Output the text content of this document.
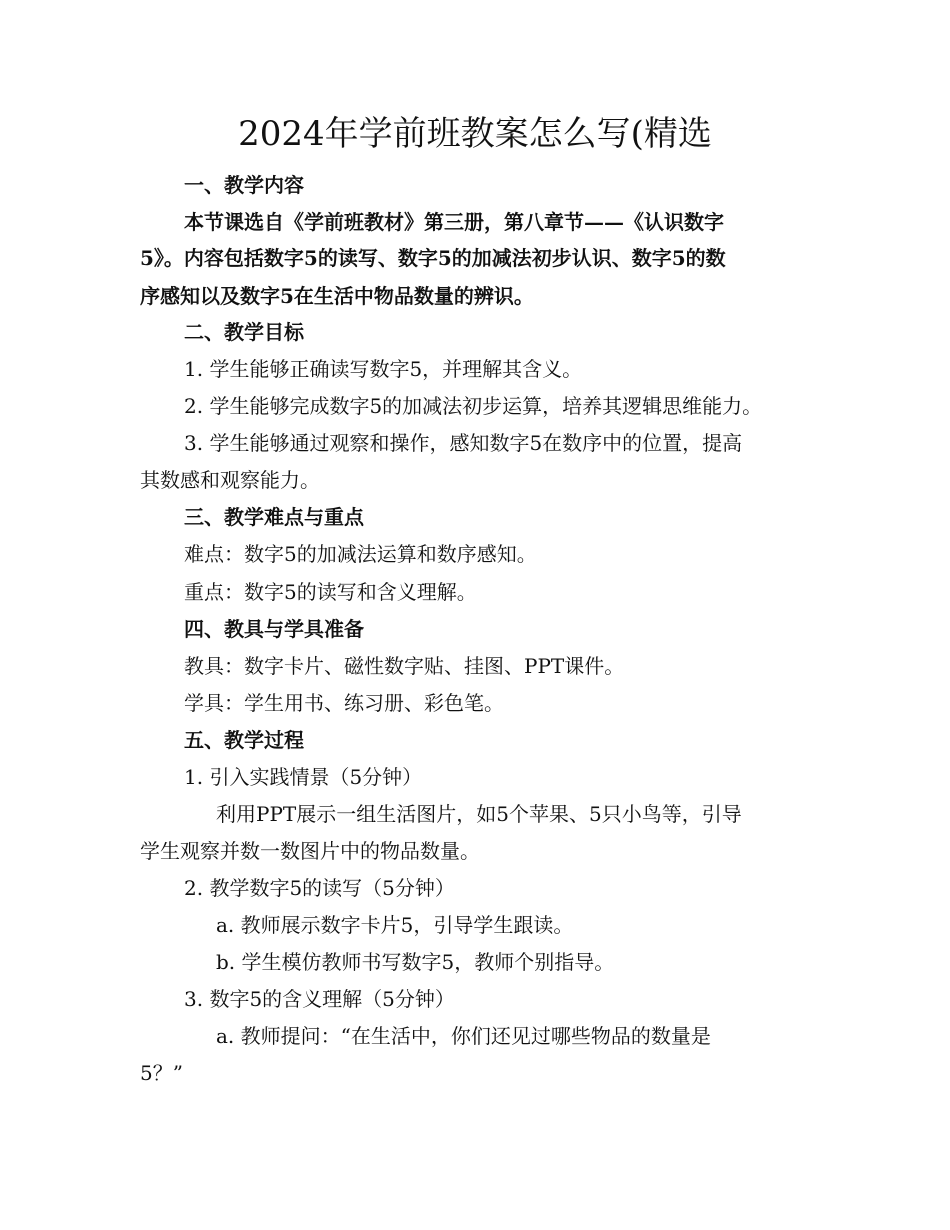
2024年学前班教案怎么写(精选
一、教学内容
本节课选自《学前班教材》第三册，第八章节——《认识数字
5》。内容包括数字5的读写、数字5的加减法初步认识、数字5的数
序感知以及数字5在生活中物品数量的辨识。
二、教学目标
1. 学生能够正确读写数字5，并理解其含义。
2. 学生能够完成数字5的加减法初步运算，培养其逻辑思维能力。
3. 学生能够通过观察和操作，感知数字5在数序中的位置，提高
其数感和观察能力。
三、教学难点与重点
难点：数字5的加减法运算和数序感知。
重点：数字5的读写和含义理解。
四、教具与学具准备
教具：数字卡片、磁性数字贴、挂图、PPT课件。
学具：学生用书、练习册、彩色笔。
五、教学过程
1. 引入实践情景（5分钟）
利用PPT展示一组生活图片，如5个苹果、5只小鸟等，引导
学生观察并数一数图片中的物品数量。
2. 教学数字5的读写（5分钟）
a. 教师展示数字卡片5，引导学生跟读。
b. 学生模仿教师书写数字5，教师个别指导。
3. 数字5的含义理解（5分钟）
a. 教师提问：“在生活中，你们还见过哪些物品的数量是
5？”
